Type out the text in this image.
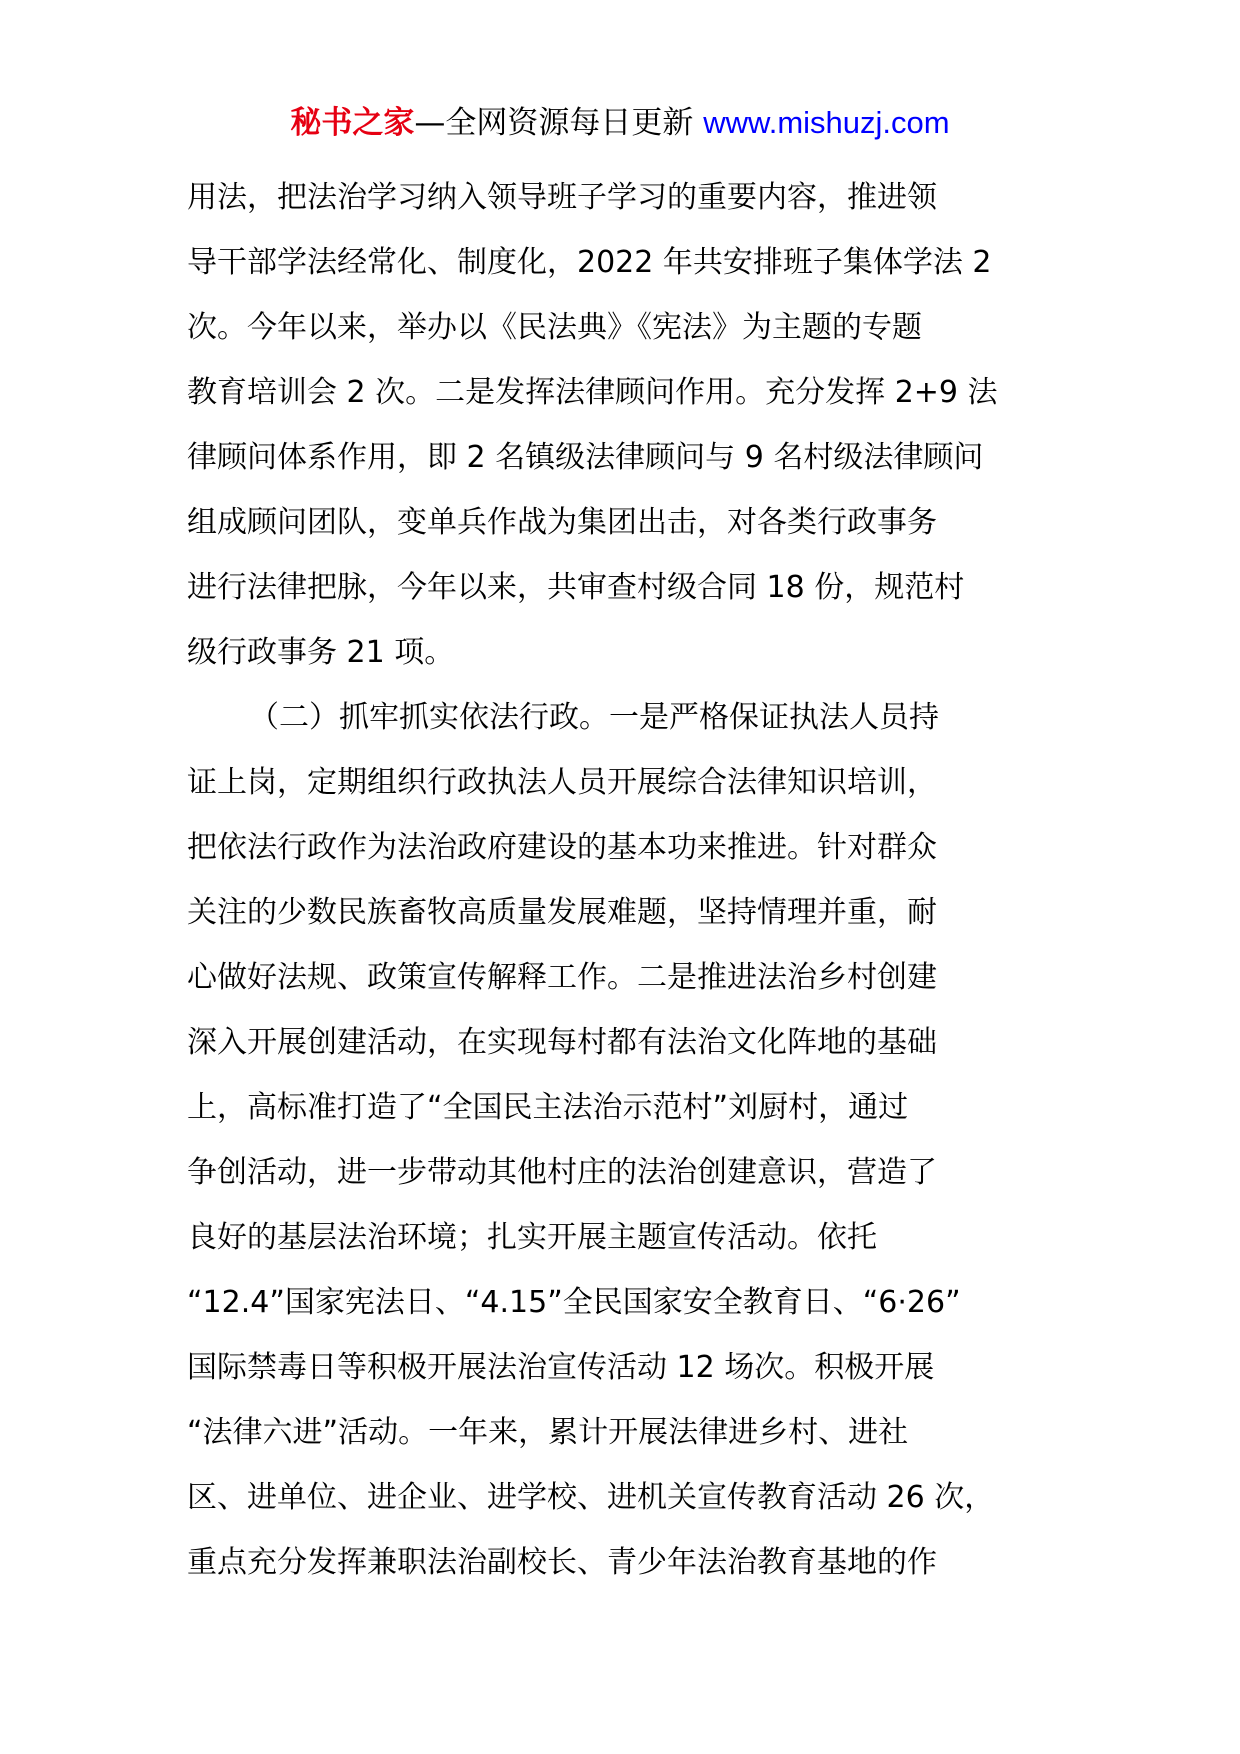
秘书之家—全网资源每日更新 www.mishuzj.com
用法，把法治学习纳入领导班子学习的重要内容，推进领
导干部学法经常化、制度化，2022 年共安排班子集体学法 2
次。今年以来，举办以《民法典》《宪法》为主题的专题
教育培训会 2 次。二是发挥法律顾问作用。充分发挥 2+9 法
律顾问体系作用，即 2 名镇级法律顾问与 9 名村级法律顾问
组成顾问团队，变单兵作战为集团出击，对各类行政事务
进行法律把脉，今年以来，共审查村级合同 18 份，规范村
级行政事务 21 项。
（二）抓牢抓实依法行政。一是严格保证执法人员持
证上岗，定期组织行政执法人员开展综合法律知识培训，
把依法行政作为法治政府建设的基本功来推进。针对群众
关注的少数民族畜牧高质量发展难题，坚持情理并重，耐
心做好法规、政策宣传解释工作。二是推进法治乡村创建
深入开展创建活动，在实现每村都有法治文化阵地的基础
上，高标准打造了“全国民主法治示范村”刘厨村，通过
争创活动，进一步带动其他村庄的法治创建意识，营造了
良好的基层法治环境；扎实开展主题宣传活动。依托
“12.4”国家宪法日、“4.15”全民国家安全教育日、“6·26”
国际禁毒日等积极开展法治宣传活动 12 场次。积极开展
“法律六进”活动。一年来，累计开展法律进乡村、进社
区、进单位、进企业、进学校、进机关宣传教育活动 26 次，
重点充分发挥兼职法治副校长、青少年法治教育基地的作
